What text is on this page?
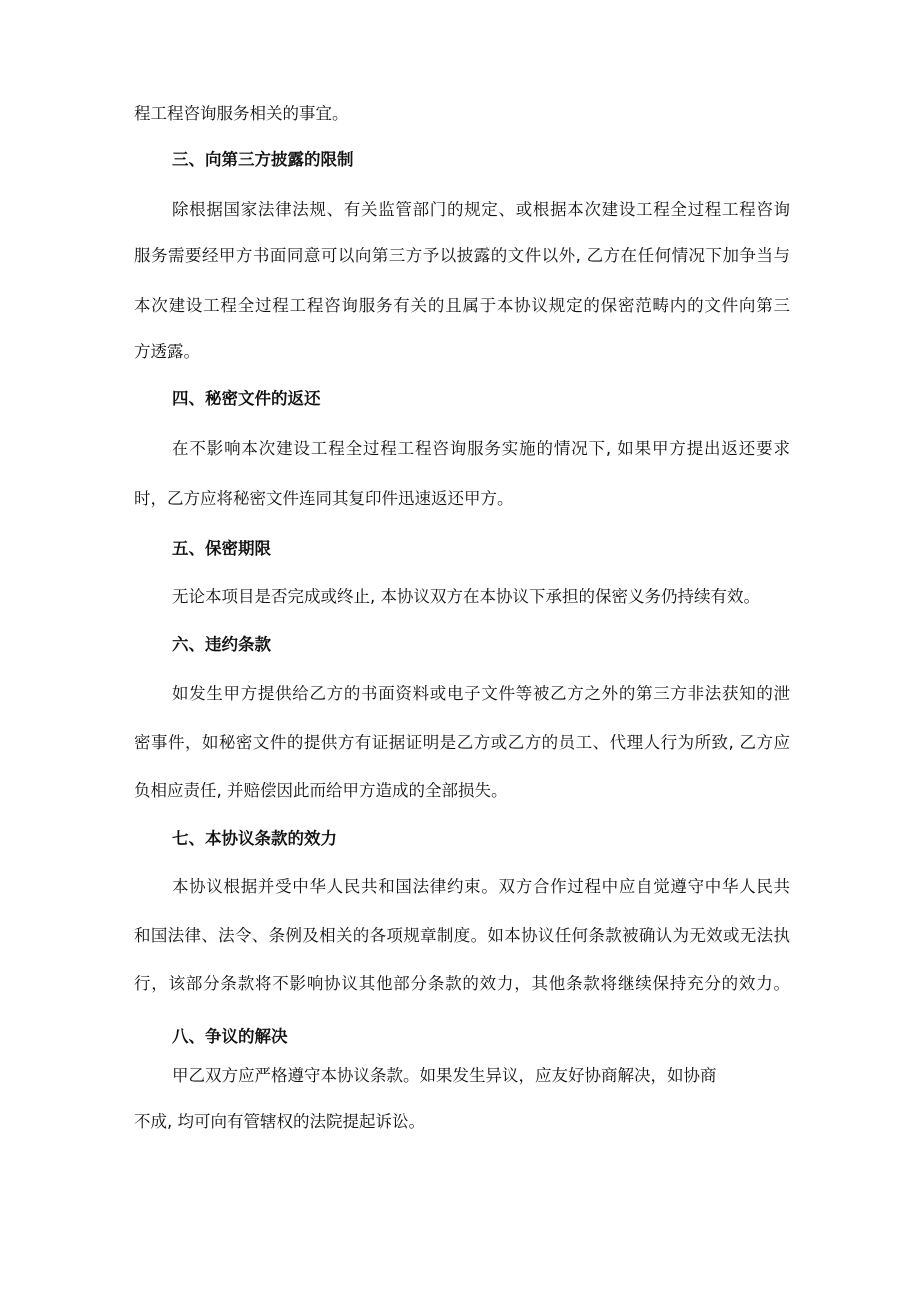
程工程咨询服务相关的事宜。

三、向第三方披露的限制

除根据国家法律法规、有关监管部门的规定、或根据本次建设工程全过程工程咨询

服务需要经甲方书面同意可以向第三方予以披露的文件以外, 乙方在任何情况下加争当与

本次建设工程全过程工程咨询服务有关的且属于本协议规定的保密范畴内的文件向第三

方透露。

四、秘密文件的返还

在不影响本次建设工程全过程工程咨询服务实施的情况下, 如果甲方提出返还要求

时，乙方应将秘密文件连同其复印件迅速返还甲方。

五、保密期限

无论本项目是否完成或终止, 本协议双方在本协议下承担的保密义务仍持续有效。

六、违约条款

如发生甲方提供给乙方的书面资料或电子文件等被乙方之外的第三方非法获知的泄

密事件，如秘密文件的提供方有证据证明是乙方或乙方的员工、代理人行为所致, 乙方应

负相应责任, 并赔偿因此而给甲方造成的全部损失。

七、本协议条款的效力

本协议根据并受中华人民共和国法律约束。双方合作过程中应自觉遵守中华人民共

和国法律、法令、条例及相关的各项规章制度。如本协议任何条款被确认为无效或无法执

行，该部分条款将不影响协议其他部分条款的效力，其他条款将继续保持充分的效力。

八、争议的解决

甲乙双方应严格遵守本协议条款。如果发生异议，应友好协商解决，如协商

不成, 均可向有管辖权的法院提起诉讼。
